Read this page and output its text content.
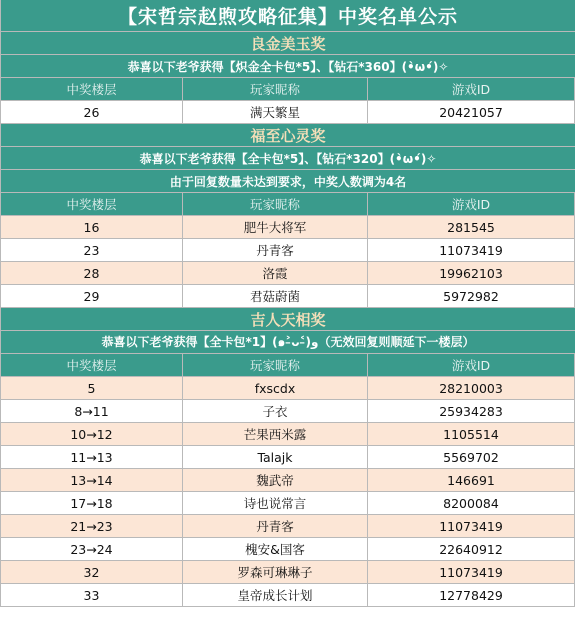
【宋哲宗赵煦攻略征集】中奖名单公示
良金美玉奖
恭喜以下老爷获得【炽金全卡包*5】、【钻石*360】(•̀ω•́)✧
中奖楼层	玩家昵称	游戏ID
26	满天繁星	20421057
福至心灵奖
恭喜以下老爷获得【全卡包*5】、【钻石*320】(•̀ω•́)✧
由于回复数量未达到要求，中奖人数调为4名
中奖楼层	玩家昵称	游戏ID
16	肥牛大将军	281545
23	丹青客	11073419
28	洛霞	19962103
29	君菇蔚菌	5972982
吉人天相奖
恭喜以下老爷获得【全卡包*1】(๑˃̵ᴗ˂̵)ﻭ（无效回复则顺延下一楼层）
中奖楼层	玩家昵称	游戏ID
5	fxscdx	28210003
8→11	子衣	25934283
10→12	芒果西米露	1105514
11→13	Talajk	5569702
13→14	魏武帝	146691
17→18	诗也说常言	8200084
21→23	丹青客	11073419
23→24	槐安&国客	22640912
32	罗森可琳琳子	11073419
33	皇帝成长计划	12778429
